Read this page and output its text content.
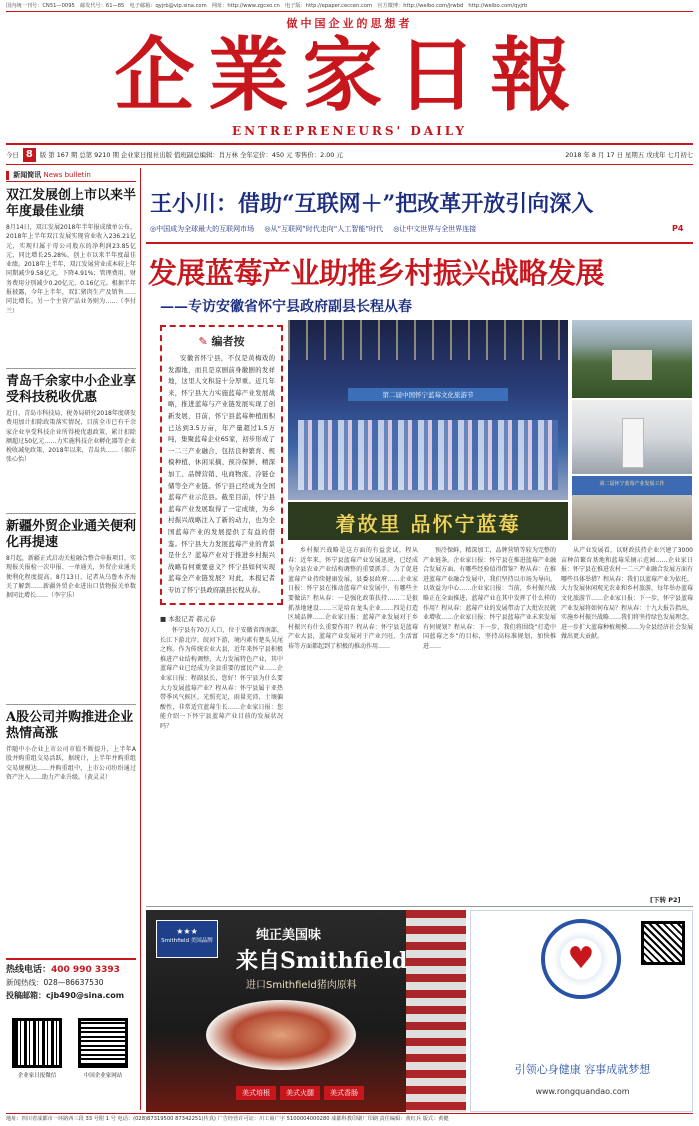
国内统一刊号：CN51—0095　邮发代号：61—85　电子邮箱：qyjrb@vip.sina.com　网址：http://www.zgcxo.cn　电子版：http://epaper.ceccen.com　官方微博：http://weibo.com/jrwbd　http://weibo.com/qyjrb
做中国企业的思想者
企業家日報
ENTREPRENEURS' DAILY
今日 8 版 第 167 期 总第 9210 期 企业家日报社出版 值班副总编辑：肖万林 全年定价：450 元 零售价：2.00 元	2018 年 8 月 17 日 星期五 戊戌年 七月初七
新闻简讯 News bulletin
双江发展创上市以来半年度最佳业绩
8月14日，双江发展2018年半年报成绩单公布，2018年上半年双江发展实现营业收入236.21亿元，实现归属于母公司股东的净利润23.85亿元，同比增长25.28%，创上市以来半年度最佳业绩。2018年上半年，双江发展营业成本较上年同期减少9.58亿元，下降4.91%；管理费用、财务费用分别减少0.20亿元、0.16亿元。根据半年报披露，今年上半年，双汇猪肉生产及销售……同比增长。另一个主营产品业务则为……（李付兰）
青岛千余家中小企业享受科技税收优惠
近日，青岛市科技局、税务局研究2018年度研发费用加计扣除政策落实情况，目前全市已有千余家企业享受科技企业所得税优惠政策，累计扣除额超过50亿元……力实施科技企业孵化器等企业税收减免政策，2018年以来，青岛共……（郝洋 张心怡）
新疆外贸企业通关便利化再提速
8月起，新疆正式启动关检融合整合申报项目，实现报关报检一次申报、一单通关，外贸企业通关便利化程度提高。8月13日，记者从乌鲁木齐海关了解到……新疆外贸企业进出口货物报关单数据同比增长……（李宁乐）
A股公司并购推进企业热情高涨
伴随中小企业上市公司市值不断提升，上半年A股并购重组交易活跃，据统计，上半年并购重组交易规模达……并购重组中，上市公司纷纷通过资产注入……助力产业升级。（黄灵灵）
热线电话：400 990 3393
新闻热线：028—86637530
投稿邮箱：cjb490@sina.com
企业家日报微信	中国企业家网站
王小川：借助“互联网＋”把改革开放引向深入
◎中国成为全球最大的互联网市场 ◎从“互联网”时代走向“人工智能”时代 ◎让中文世界与全世界连接	P4
发展蓝莓产业助推乡村振兴战略发展
——专访安徽省怀宁县政府副县长程从春
✎ 编者按
安徽省怀宁县，不仅是黄梅戏的发源地，而且是京剧前身徽剧的发祥地，这里人文积淀十分厚重。近几年来，怀宁县大力实施蓝莓产业发展战略，推进蓝莓与产业链发展实现了创新发展，目前，怀宁县蓝莓种植面积已达到3.5万亩，年产量超过1.5万吨，集聚蓝莓企业65家，初步形成了一二三产业融合，包括良种繁育、规模种植、休闲采摘、预冷保鲜、精深加工、品牌营销、电商物流、冷链仓储等全产业链。怀宁县已经成为全国蓝莓产业示范县。截至目前，怀宁县蓝莓产业发展取得了一定成绩，为乡村振兴战略注入了新的动力，也为全国蓝莓产业的发展提供了有益的借鉴。怀宁县大力发展蓝莓产业的背景是什么？蓝莓产业对于推进乡村振兴战略有何重要意义？怀宁县如何实现蓝莓全产业链发展？对此，本报记者专访了怀宁县政府副县长程从春。
第二届中国怀宁蓝莓文化旅游节
着故里 品怀宁蓝莓
第二届怀宁蓝莓产业发展工作
■ 本报记者 郝元春
怀宁县有70万人口，位于安徽省西南部，长江下游北岸，皖河下游，境内素有楚头吴尾之称。作为传统农业大县，近年来怀宁县积极推进产业结构调整，大力发展特色产业，其中蓝莓产业已经成为全县重要的富民产业……企业家日报：程副县长，您好！怀宁县为什么要大力发展蓝莓产业？程从春：怀宁县属于亚热带季风气候区，光照充足，雨量充沛，土壤偏酸性，非常适宜蓝莓生长……企业家日报：您能介绍一下怀宁县蓝莓产业目前的发展状况吗？
乡村振兴战略是这方面的有益尝试。程从春：近年来，怀宁县蓝莓产业发展迅速，已经成为全县农业产业结构调整的重要抓手。为了促进蓝莓产业持续健康发展，县委县政府……企业家日报：怀宁县在推动蓝莓产业发展中，有哪些主要做法？程从春：一是强化政策扶持……二是狠抓基地建设……三是培育龙头企业……四是打造区域品牌……企业家日报：蓝莓产业发展对于乡村振兴有什么重要作用？程从春：怀宁县是蓝莓产业大县，蓝莓产业发展对于产业兴旺、生活富裕等方面都起到了积极的推动作用……
预冷保鲜，精深加工，品牌营销等较为完整的产业链条。企业家日报：怀宁县在推进蓝莓产业融合发展方面，有哪些经验值得借鉴？程从春：在推进蓝莓产业融合发展中，我们坚持以市场为导向，以效益为中心……企业家日报：当前，乡村振兴战略正在全面推进，蓝莓产业在其中发挥了什么样的作用？程从春：蓝莓产业的发展带动了大批农民就业增收……企业家日报：怀宁县蓝莓产业未来发展有何规划？程从春：下一步，我们将围绕“打造中国蓝莓之乡”的目标，坚持高标准规划，加快推进……
从产业发展看，以财政扶持企业兴建了3000亩种苗繁育基地和蓝莓采摘示范园……企业家日报：怀宁县在推进农村一二三产业融合发展方面有哪些具体举措？程从春：我们以蓝莓产业为依托，大力发展休闲观光农业和乡村旅游，每年举办蓝莓文化旅游节……企业家日报：下一步，怀宁县蓝莓产业发展将如何布局？程从春：十九大报告指出，实施乡村振兴战略……我们将坚持绿色发展理念，进一步扩大蓝莓种植规模……为全县经济社会发展做出更大贡献。
[下转 P2]
★★★
Smithfield 美国品牌	纯正美国味
来自Smithfield
进口Smithfield猪肉原料
美式培根	美式火腿	美式香肠
♥
引领心身健康 容事成就梦想
www.rongquandao.com
地址：四川省成都市一环路西三段 33 号附 1 号 电话：(028)87319500 87342251(传真) 广告经营许可证：川工商广字 5100004000280 成都科教印刷厂印刷 责任编辑：黄红兵 版式：黄健
